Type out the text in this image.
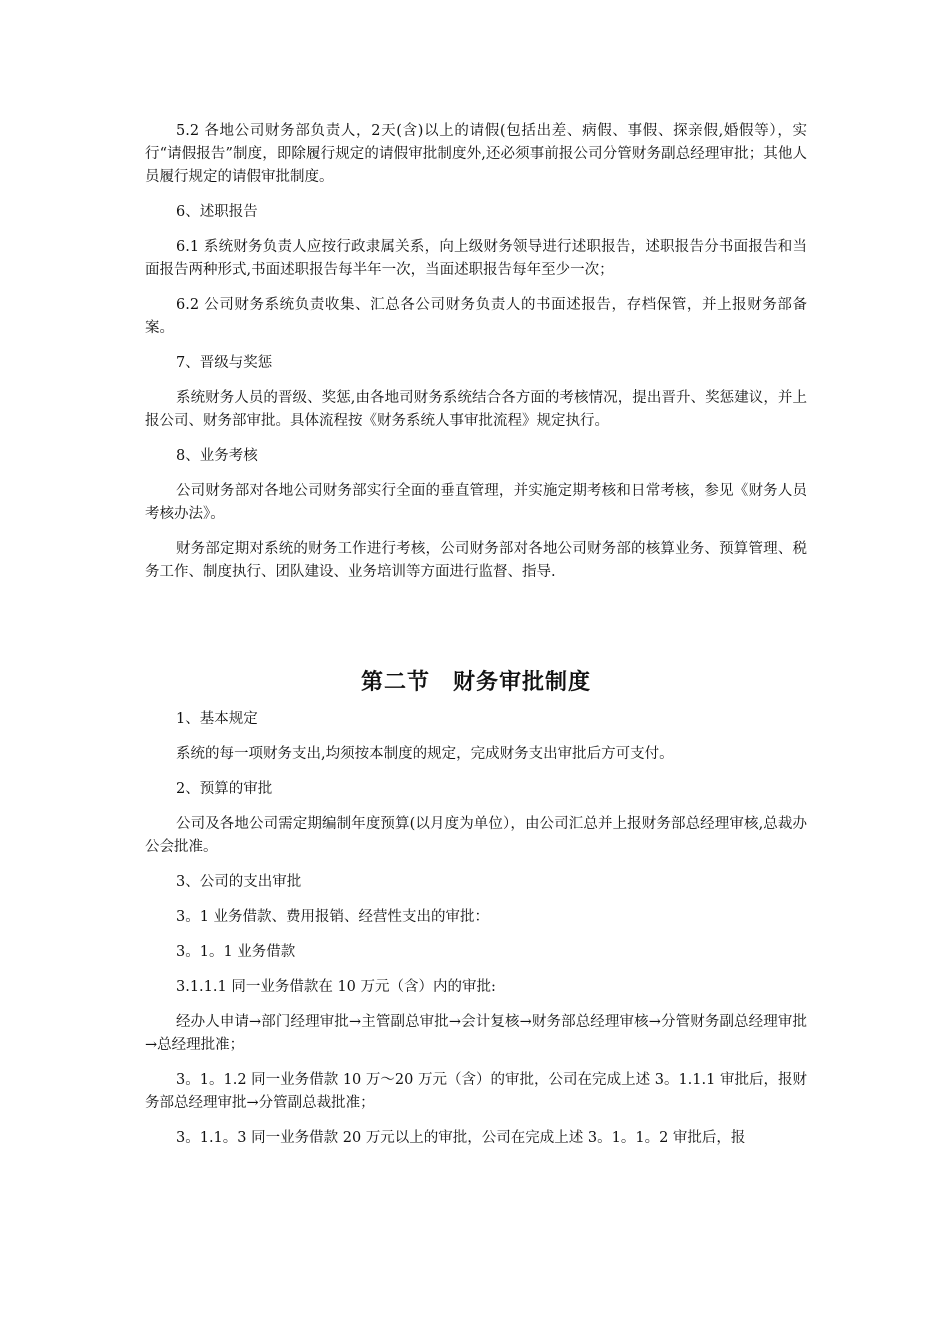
5.2 各地公司财务部负责人，2天(含)以上的请假(包括出差、病假、事假、探亲假,婚假等），实行“请假报告”制度，即除履行规定的请假审批制度外,还必须事前报公司分管财务副总经理审批；其他人员履行规定的请假审批制度。

6、述职报告

6.1 系统财务负责人应按行政隶属关系，向上级财务领导进行述职报告，述职报告分书面报告和当面报告两种形式,书面述职报告每半年一次，当面述职报告每年至少一次；

6.2 公司财务系统负责收集、汇总各公司财务负责人的书面述报告，存档保管，并上报财务部备案。

7、晋级与奖惩

系统财务人员的晋级、奖惩,由各地司财务系统结合各方面的考核情况，提出晋升、奖惩建议，并上报公司、财务部审批。具体流程按《财务系统人事审批流程》规定执行。

8、业务考核

公司财务部对各地公司财务部实行全面的垂直管理，并实施定期考核和日常考核，参见《财务人员考核办法》。

财务部定期对系统的财务工作进行考核，公司财务部对各地公司财务部的核算业务、预算管理、税务工作、制度执行、团队建设、业务培训等方面进行监督、指导.

第二节　财务审批制度

1、基本规定

系统的每一项财务支出,均须按本制度的规定，完成财务支出审批后方可支付。

2、预算的审批

公司及各地公司需定期编制年度预算(以月度为单位），由公司汇总并上报财务部总经理审核,总裁办公会批准。

3、公司的支出审批

3。1 业务借款、费用报销、经营性支出的审批：

3。1。1 业务借款

3.1.1.1 同一业务借款在 10 万元（含）内的审批:

经办人申请→部门经理审批→主管副总审批→会计复核→财务部总经理审核→分管财务副总经理审批→总经理批准；

3。1。1.2 同一业务借款 10 万～20 万元（含）的审批，公司在完成上述 3。1.1.1 审批后，报财务部总经理审批→分管副总裁批准；

3。1.1。3 同一业务借款 20 万元以上的审批，公司在完成上述 3。1。1。2 审批后，报
